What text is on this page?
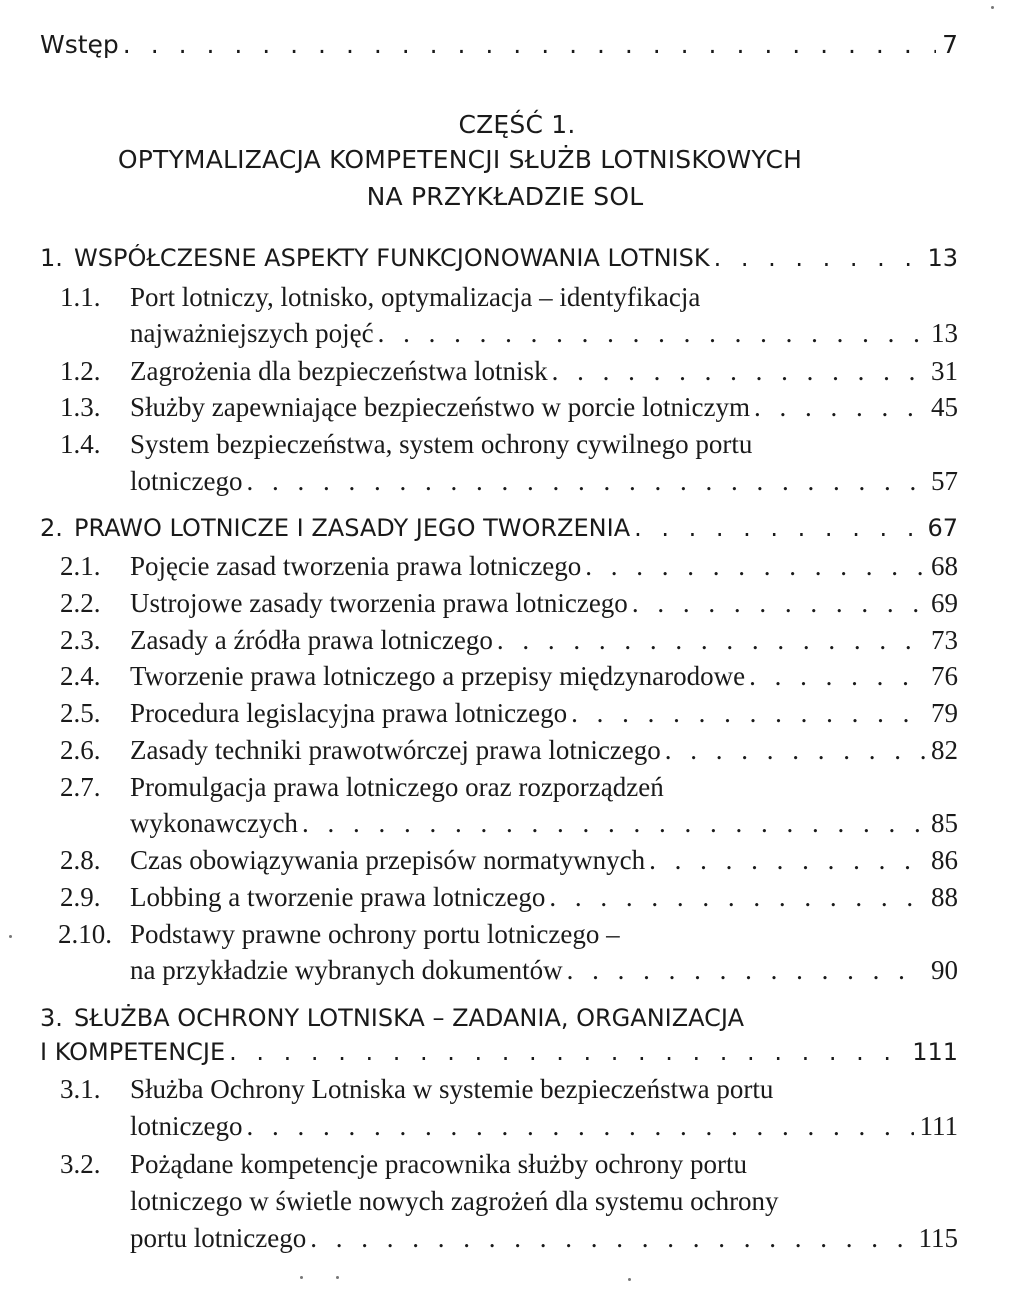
Wstęp . . .	7
CZĘŚĆ 1.
OPTYMALIZACJA KOMPETENCJI SŁUŻB LOTNISKOWYCH
NA PRZYKŁADZIE SOL
1. WSPÓŁCZESNE ASPEKTY FUNKCJONOWANIA LOTNISK . . .	13
1.1.	Port lotniczy, lotnisko, optymalizacja – identyfikacja
najważniejszych pojęć . . .	13
1.2.	Zagrożenia dla bezpieczeństwa lotnisk . . .	31
1.3.	Służby zapewniające bezpieczeństwo w porcie lotniczym . . .	45
1.4.	System bezpieczeństwa, system ochrony cywilnego portu
lotniczego . . .	57
2. PRAWO LOTNICZE I ZASADY JEGO TWORZENIA . . .	67
2.1.	Pojęcie zasad tworzenia prawa lotniczego . . .	68
2.2.	Ustrojowe zasady tworzenia prawa lotniczego . . .	69
2.3.	Zasady a źródła prawa lotniczego . . .	73
2.4.	Tworzenie prawa lotniczego a przepisy międzynarodowe . . .	76
2.5.	Procedura legislacyjna prawa lotniczego . . .	79
2.6.	Zasady techniki prawotwórczej prawa lotniczego . . .	82
2.7.	Promulgacja prawa lotniczego oraz rozporządzeń
wykonawczych . . .	85
2.8.	Czas obowiązywania przepisów normatywnych . . .	86
2.9.	Lobbing a tworzenie prawa lotniczego . . .	88
2.10. Podstawy prawne ochrony portu lotniczego –
na przykładzie wybranych dokumentów . . .	90
3. SŁUŻBA OCHRONY LOTNISKA – ZADANIA, ORGANIZACJA
I KOMPETENCJE . . .	111
3.1.	Służba Ochrony Lotniska w systemie bezpieczeństwa portu
lotniczego . . .	111
3.2.	Pożądane kompetencje pracownika służby ochrony portu
lotniczego w świetle nowych zagrożeń dla systemu ochrony
portu lotniczego . . .	115
